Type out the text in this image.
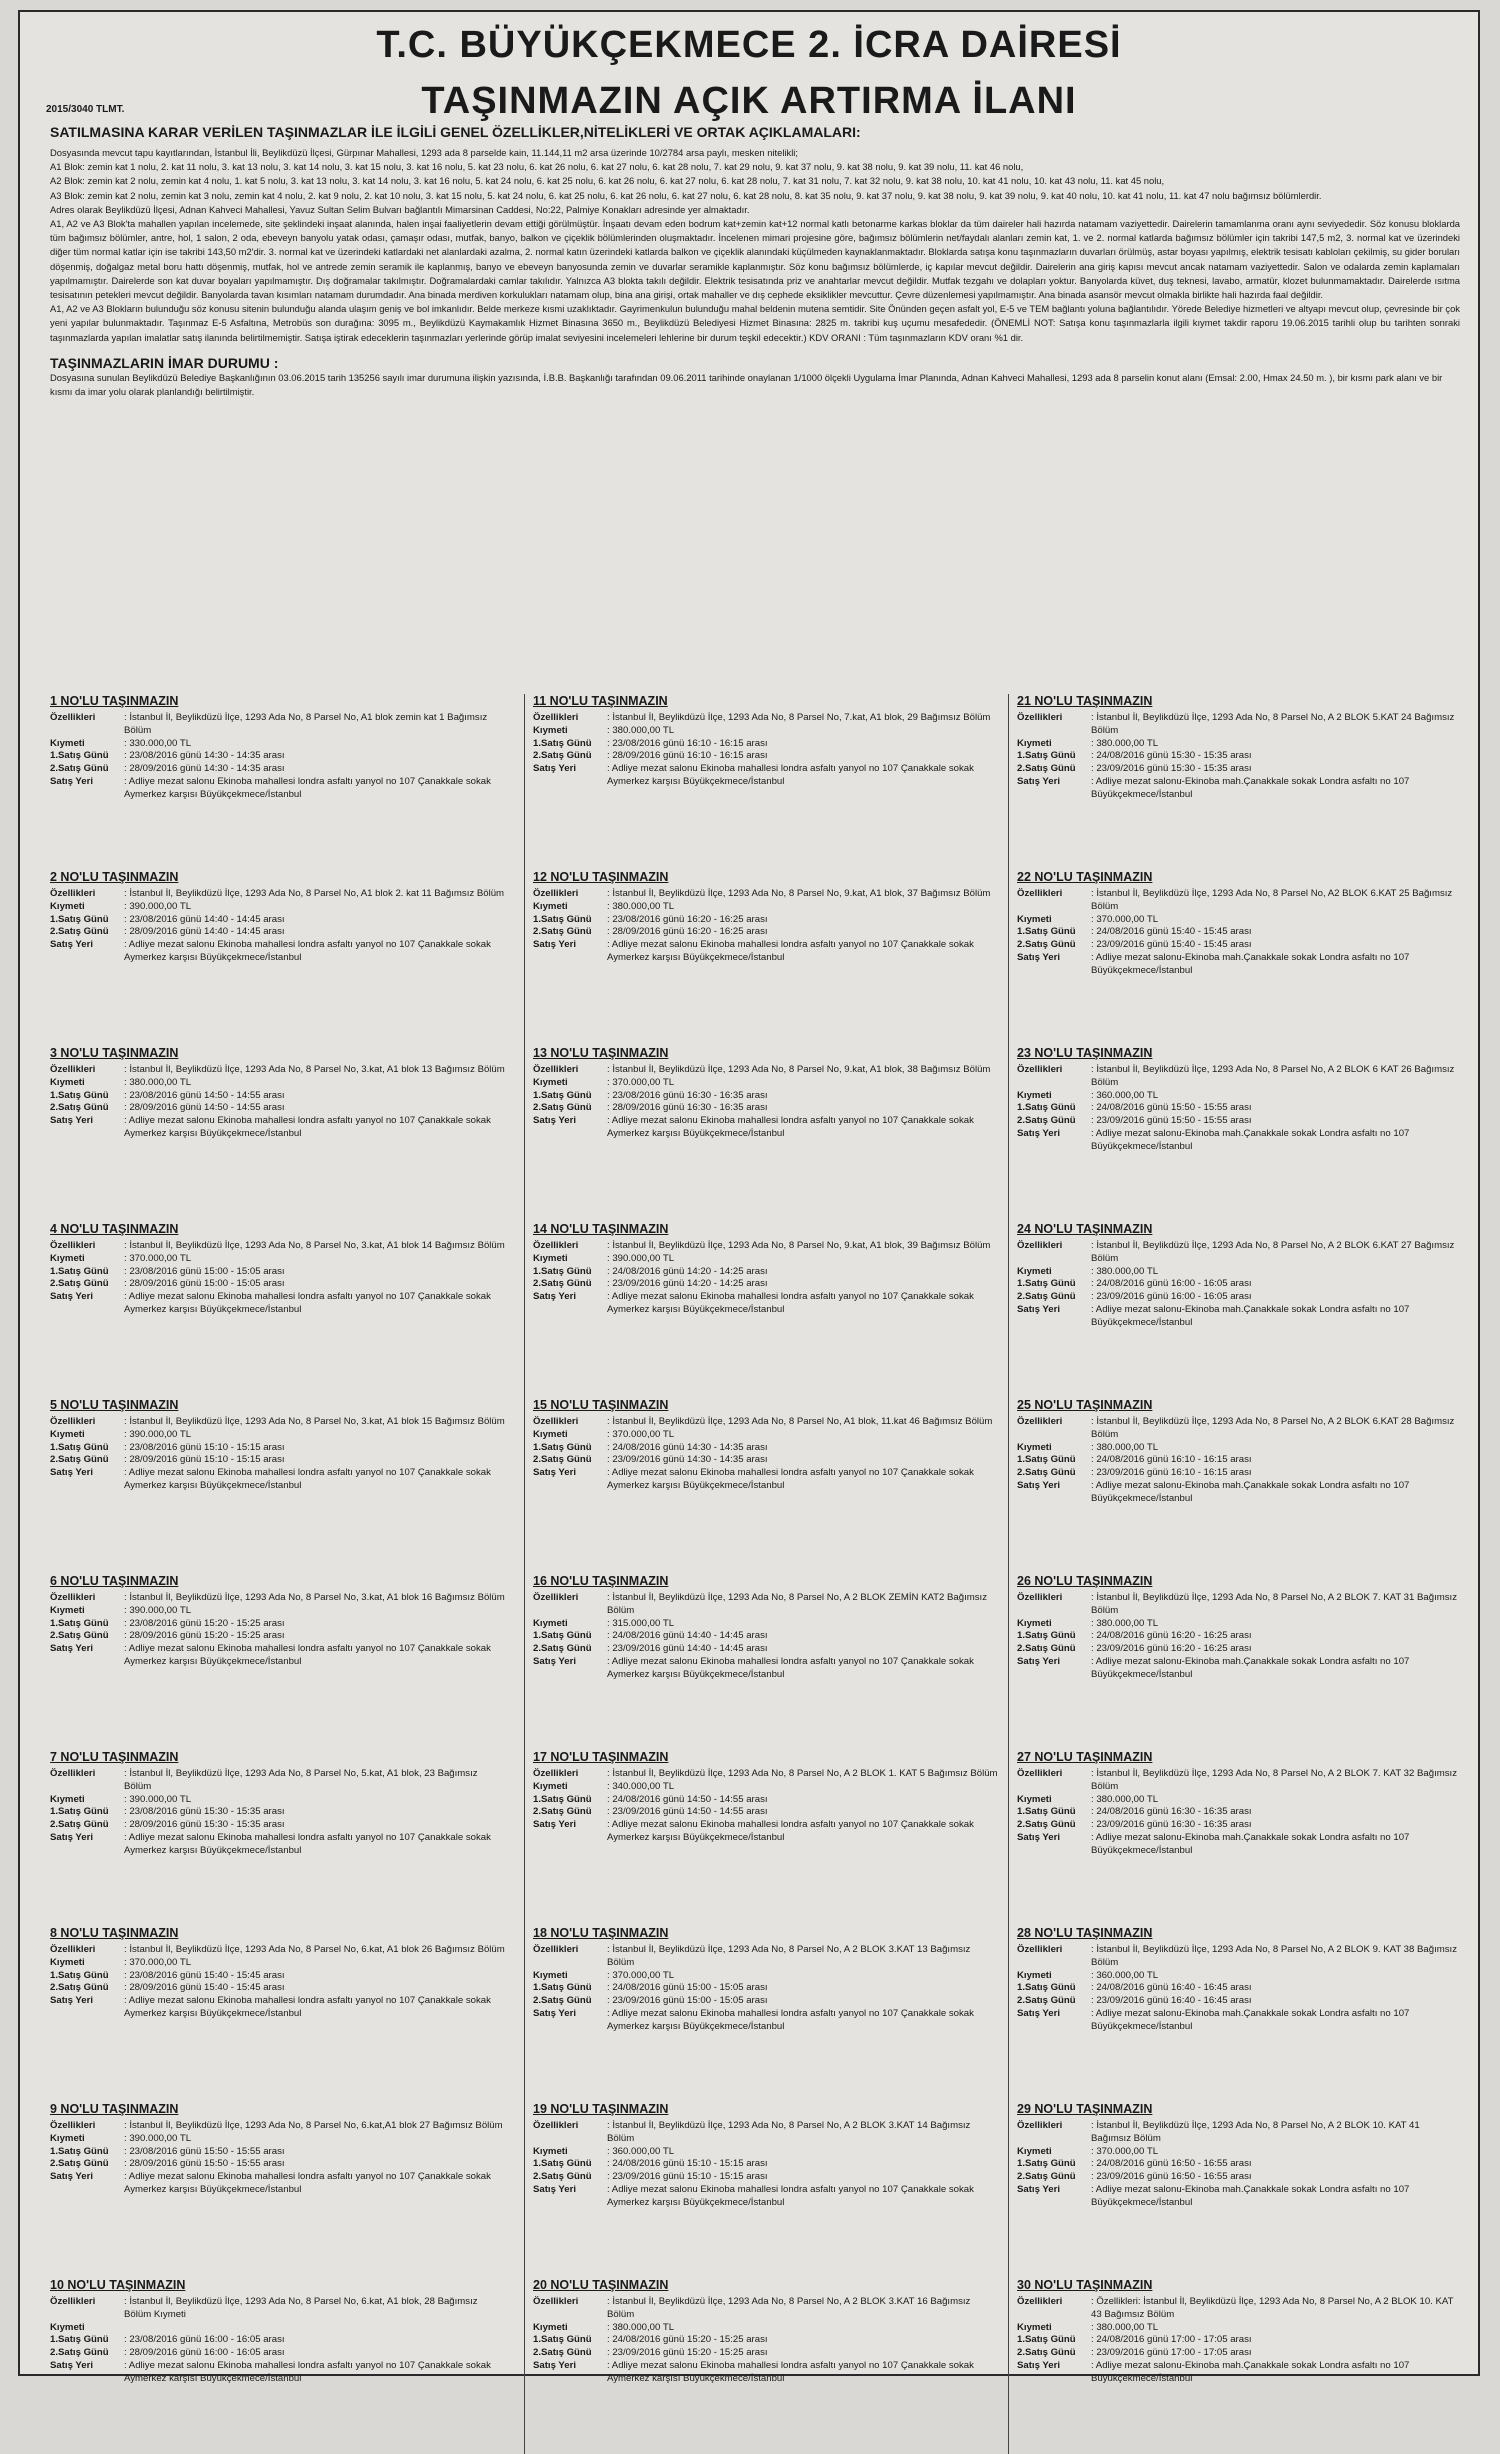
T.C. BÜYÜKÇEKMECE 2. İCRA DAİRESİ
TAŞINMAZIN AÇIK ARTIRMA İLANI
2015/3040 TLMT.
SATILMASINA KARAR VERİLEN TAŞINMAZLAR İLE İLGİLİ GENEL ÖZELLİKLER,NİTELİKLERİ VE ORTAK AÇIKLAMALARI:

Dosyasında mevcut tapu kayıtlarından, İstanbul İli, Beylikdüzü İlçesi, Gürpınar Mahallesi, 1293 ada 8 parselde kain, 11.144,11 m2 arsa üzerinde 10/2784 arsa paylı, mesken nitelikli;

A1 Blok: zemin kat 1 nolu, 2. kat 11 nolu, 3. kat 13 nolu, 3. kat 14 nolu, 3. kat 15 nolu, 3. kat 16 nolu, 5. kat 23 nolu, 6. kat 26 nolu, 6. kat 27 nolu, 6. kat 28 nolu, 7. kat 29 nolu, 9. kat 37 nolu, 9. kat 38 nolu, 9. kat 39 nolu, 11. kat 46 nolu,

A2 Blok: zemin kat 2 nolu, zemin kat 4 nolu, 1. kat 5 nolu, 3. kat 13 nolu, 3. kat 14 nolu, 3. kat 16 nolu, 5. kat 24 nolu, 6. kat 25 nolu, 6. kat 26 nolu, 6. kat 27 nolu, 6. kat 28 nolu, 7. kat 31 nolu, 7. kat 32 nolu, 9. kat 38 nolu, 10. kat 41 nolu, 10. kat 43 nolu, 11. kat 45 nolu,

A3 Blok: zemin kat 2 nolu, zemin kat 3 nolu, zemin kat 4 nolu, 2. kat 9 nolu, 2. kat 10 nolu, 3. kat 15 nolu, 5. kat 24 nolu, 6. kat 25 nolu, 6. kat 26 nolu, 6. kat 27 nolu, 6. kat 28 nolu, 8. kat 35 nolu, 9. kat 37 nolu, 9. kat 38 nolu, 9. kat 39 nolu, 9. kat 40 nolu, 10. kat 41 nolu, 11. kat 47 nolu bağımsız bölümlerdir.

Adres olarak Beylikdüzü İlçesi, Adnan Kahveci Mahallesi, Yavuz Sultan Selim Bulvarı bağlantılı Mimarsinan Caddesi, No:22, Palmiye Konakları adresinde yer almaktadır.

A1, A2 ve A3 Blok'ta mahallen yapılan incelemede, site şeklindeki inşaat alanında, halen inşai faaliyetlerin devam ettiği görülmüştür. İnşaatı devam eden bodrum kat+zemin kat+12 normal katlı betonarme karkas bloklar da tüm daireler hali hazırda natamam vaziyettedir. Dairelerin tamamlanma oranı aynı seviyededir. Söz konusu bloklarda tüm bağımsız bölümler, antre, hol, 1 salon, 2 oda, ebeveyn banyolu yatak odası, çamaşır odası, mutfak, banyo, balkon ve çiçeklik bölümlerinden oluşmaktadır. İncelenen mimari projesine göre, bağımsız bölümlerin net/faydalı alanları zemin kat, 1. ve 2. normal katlarda bağımsız bölümler için takribi 147,5 m2, 3. normal kat ve üzerindeki diğer tüm normal katlar için ise takribi 143,50 m2'dir. 3. normal kat ve üzerindeki katlardaki net alanlardaki azalma, 2. normal katın üzerindeki katlarda balkon ve çiçeklik alanındaki küçülmeden kaynaklanmaktadır. Bloklarda satışa konu taşınmazların duvarları örülmüş, astar boyası yapılmış, elektrik tesisatı kabloları çekilmiş, su gider boruları döşenmiş, doğalgaz metal boru hattı döşenmiş, mutfak, hol ve antrede zemin seramik ile kaplanmış, banyo ve ebeveyn banyosunda zemin ve duvarlar seramikle kaplanmıştır. Söz konu bağımsız bölümlerde, iç kapılar mevcut değildir. Dairelerin ana giriş kapısı mevcut ancak natamam vaziyettedir. Salon ve odalarda zemin kaplamaları yapılmamıştır. Dairelerde son kat duvar boyaları yapılmamıştır. Dış doğramalar takılmıştır. Doğramalardaki camlar takılıdır. Yalnızca A3 blokta takılı değildir. Elektrik tesisatında priz ve anahtarlar mevcut değildir. Mutfak tezgahı ve dolapları yoktur. Banyolarda küvet, duş teknesi, lavabo, armatür, klozet bulunmamaktadır. Dairelerde ısıtma tesisatının petekleri mevcut değildir. Banyolarda tavan kısımları natamam durumdadır. Ana binada merdiven korkulukları natamam olup, bina ana girişi, ortak mahaller ve dış cephede eksiklikler mevcuttur. Çevre düzenlemesi yapılmamıştır. Ana binada asansör mevcut olmakla birlikte hali hazırda faal değildir.

A1, A2 ve A3 Blokların bulunduğu söz konusu sitenin bulunduğu alanda ulaşım geniş ve bol imkanlıdır. Belde merkeze kısmi uzaklıktadır. Gayrimenkulun bulunduğu mahal beldenin mutena semtidir. Site Önünden geçen asfalt yol, E-5 ve TEM bağlantı yoluna bağlantılıdır. Yörede Belediye hizmetleri ve altyapı mevcut olup, çevresinde bir çok yeni yapılar bulunmaktadır. Taşınmaz E-5 Asfaltına, Metrobüs son durağına: 3095 m., Beylikdüzü Kaymakamlık Hizmet Binasına 3650 m., Beylikdüzü Belediyesi Hizmet Binasına: 2825 m. takribi kuş uçumu mesafededir. (ÖNEMLİ NOT: Satışa konu taşınmazlarla ilgili kıymet takdir raporu 19.06.2015 tarihli olup bu tarihten sonraki taşınmazlarda yapılan imalatlar satış ilanında belirtilmemiştir. Satışa iştirak edeceklerin taşınmazları yerlerinde görüp imalat seviyesini incelemeleri lehlerine bir durum teşkil edecektir.) KDV ORANI : Tüm taşınmazların KDV oranı %1 dir.

TAŞINMAZLARIN İMAR DURUMU :
Dosyasına sunulan Beylikdüzü Belediye Başkanlığının 03.06.2015 tarih 135256 sayılı imar durumuna ilişkin yazısında, İ.B.B. Başkanlığı tarafından 09.06.2011 tarihinde onaylanan 1/1000 ölçekli Uygulama İmar Planında, Adnan Kahveci Mahallesi, 1293 ada 8 parselin konut alanı (Emsal: 2.00, Hmax 24.50 m. ), bir kısmı park alanı ve bir kısmı da imar yolu olarak planlandığı belirtilmiştir.
1 NO'LU TAŞINMAZIN
Özellikleri	: İstanbul İl, Beylikdüzü İlçe, 1293 Ada No, 8 Parsel No, A1 blok zemin kat 1 Bağımsız Bölüm
Kıymeti	: 330.000,00 TL
1.Satış Günü	: 23/08/2016 günü 14:30 - 14:35 arası
2.Satış Günü	: 28/09/2016 günü 14:30 - 14:35 arası
Satış Yeri	: Adliye mezat salonu Ekinoba mahallesi londra asfaltı yanyol no 107 Çanakkale sokak Aymerkez karşısı Büyükçekmece/İstanbul
2 NO'LU TAŞINMAZIN
Özellikleri	: İstanbul İl, Beylikdüzü İlçe, 1293 Ada No, 8 Parsel No, A1 blok 2. kat 11 Bağımsız Bölüm
Kıymeti	: 390.000,00 TL
1.Satış Günü	: 23/08/2016 günü 14:40 - 14:45 arası
2.Satış Günü	: 28/09/2016 günü 14:40 - 14:45 arası
Satış Yeri	: Adliye mezat salonu Ekinoba mahallesi londra asfaltı yanyol no 107 Çanakkale sokak Aymerkez karşısı Büyükçekmece/İstanbul
3 NO'LU TAŞINMAZIN
Özellikleri	: İstanbul İl, Beylikdüzü İlçe, 1293 Ada No, 8 Parsel No, 3.kat, A1 blok 13 Bağımsız Bölüm
Kıymeti	: 380.000,00 TL
1.Satış Günü	: 23/08/2016 günü 14:50 - 14:55 arası
2.Satış Günü	: 28/09/2016 günü 14:50 - 14:55 arası
Satış Yeri	: Adliye mezat salonu Ekinoba mahallesi londra asfaltı yanyol no 107 Çanakkale sokak Aymerkez karşısı Büyükçekmece/İstanbul
4 NO'LU TAŞINMAZIN
Özellikleri	: İstanbul İl, Beylikdüzü İlçe, 1293 Ada No, 8 Parsel No, 3.kat, A1 blok 14 Bağımsız Bölüm
Kıymeti	: 370.000,00 TL
1.Satış Günü	: 23/08/2016 günü 15:00 - 15:05 arası
2.Satış Günü	: 28/09/2016 günü 15:00 - 15:05 arası
Satış Yeri	: Adliye mezat salonu Ekinoba mahallesi londra asfaltı yanyol no 107 Çanakkale sokak Aymerkez karşısı Büyükçekmece/İstanbul
5 NO'LU TAŞINMAZIN
Özellikleri	: İstanbul İl, Beylikdüzü İlçe, 1293 Ada No, 8 Parsel No, 3.kat, A1 blok 15 Bağımsız Bölüm
Kıymeti	: 390.000,00 TL
1.Satış Günü	: 23/08/2016 günü 15:10 - 15:15 arası
2.Satış Günü	: 28/09/2016 günü 15:10 - 15:15 arası
Satış Yeri	: Adliye mezat salonu Ekinoba mahallesi londra asfaltı yanyol no 107 Çanakkale sokak Aymerkez karşısı Büyükçekmece/İstanbul
6 NO'LU TAŞINMAZIN
Özellikleri	: İstanbul İl, Beylikdüzü İlçe, 1293 Ada No, 8 Parsel No, 3.kat, A1 blok 16 Bağımsız Bölüm
Kıymeti	: 390.000,00 TL
1.Satış Günü	: 23/08/2016 günü 15:20 - 15:25 arası
2.Satış Günü	: 28/09/2016 günü 15:20 - 15:25 arası
Satış Yeri	: Adliye mezat salonu Ekinoba mahallesi londra asfaltı yanyol no 107 Çanakkale sokak Aymerkez karşısı Büyükçekmece/İstanbul
7 NO'LU TAŞINMAZIN
Özellikleri	: İstanbul İl, Beylikdüzü İlçe, 1293 Ada No, 8 Parsel No, 5.kat, A1 blok, 23 Bağımsız Bölüm
Kıymeti	: 390.000,00 TL
1.Satış Günü	: 23/08/2016 günü 15:30 - 15:35 arası
2.Satış Günü	: 28/09/2016 günü 15:30 - 15:35 arası
Satış Yeri	: Adliye mezat salonu Ekinoba mahallesi londra asfaltı yanyol no 107 Çanakkale sokak Aymerkez karşısı Büyükçekmece/İstanbul
8 NO'LU TAŞINMAZIN
Özellikleri	: İstanbul İl, Beylikdüzü İlçe, 1293 Ada No, 8 Parsel No, 6.kat, A1 blok 26 Bağımsız Bölüm
Kıymeti	: 370.000,00 TL
1.Satış Günü	: 23/08/2016 günü 15:40 - 15:45 arası
2.Satış Günü	: 28/09/2016 günü 15:40 - 15:45 arası
Satış Yeri	: Adliye mezat salonu Ekinoba mahallesi londra asfaltı yanyol no 107 Çanakkale sokak Aymerkez karşısı Büyükçekmece/İstanbul
9 NO'LU TAŞINMAZIN
Özellikleri	: İstanbul İl, Beylikdüzü İlçe, 1293 Ada No, 8 Parsel No, 6.kat,A1 blok 27 Bağımsız Bölüm
Kıymeti	: 390.000,00 TL
1.Satış Günü	: 23/08/2016 günü 15:50 - 15:55 arası
2.Satış Günü	: 28/09/2016 günü 15:50 - 15:55 arası
Satış Yeri	: Adliye mezat salonu Ekinoba mahallesi londra asfaltı yanyol no 107 Çanakkale sokak Aymerkez karşısı Büyükçekmece/İstanbul
10 NO'LU TAŞINMAZIN
Özellikleri	: İstanbul İl, Beylikdüzü İlçe, 1293 Ada No, 8 Parsel No, 6.kat, A1 blok, 28 Bağımsız Bölüm Kıymeti
Kıymeti
1.Satış Günü	: 23/08/2016 günü 16:00 - 16:05 arası
2.Satış Günü	: 28/09/2016 günü 16:00 - 16:05 arası
Satış Yeri	: Adliye mezat salonu Ekinoba mahallesi londra asfaltı yanyol no 107 Çanakkale sokak Aymerkez karşısı Büyükçekmece/İstanbul
11 NO'LU TAŞINMAZIN
Özellikleri	: İstanbul İl, Beylikdüzü İlçe, 1293 Ada No, 8 Parsel No, 7.kat, A1 blok, 29 Bağımsız Bölüm
Kıymeti	: 380.000,00 TL
1.Satış Günü	: 23/08/2016 günü 16:10 - 16:15 arası
2.Satış Günü	: 28/09/2016 günü 16:10 - 16:15 arası
Satış Yeri	: Adliye mezat salonu Ekinoba mahallesi londra asfaltı yanyol no 107 Çanakkale sokak Aymerkez karşısı Büyükçekmece/İstanbul
12 NO'LU TAŞINMAZIN
Özellikleri	: İstanbul İl, Beylikdüzü İlçe, 1293 Ada No, 8 Parsel No, 9.kat, A1 blok, 37 Bağımsız Bölüm
Kıymeti	: 380.000,00 TL
1.Satış Günü	: 23/08/2016 günü 16:20 - 16:25 arası
2.Satış Günü	: 28/09/2016 günü 16:20 - 16:25 arası
Satış Yeri	: Adliye mezat salonu Ekinoba mahallesi londra asfaltı yanyol no 107 Çanakkale sokak Aymerkez karşısı Büyükçekmece/İstanbul
13 NO'LU TAŞINMAZIN
Özellikleri	: İstanbul İl, Beylikdüzü İlçe, 1293 Ada No, 8 Parsel No, 9.kat, A1 blok, 38 Bağımsız Bölüm
Kıymeti	: 370.000,00 TL
1.Satış Günü	: 23/08/2016 günü 16:30 - 16:35 arası
2.Satış Günü	: 28/09/2016 günü 16:30 - 16:35 arası
Satış Yeri	: Adliye mezat salonu Ekinoba mahallesi londra asfaltı yanyol no 107 Çanakkale sokak Aymerkez karşısı Büyükçekmece/İstanbul
14 NO'LU TAŞINMAZIN
Özellikleri	: İstanbul İl, Beylikdüzü İlçe, 1293 Ada No, 8 Parsel No, 9.kat, A1 blok, 39 Bağımsız Bölüm
Kıymeti	: 390.000,00 TL
1.Satış Günü	: 24/08/2016 günü 14:20 - 14:25 arası
2.Satış Günü	: 23/09/2016 günü 14:20 - 14:25 arası
Satış Yeri	: Adliye mezat salonu Ekinoba mahallesi londra asfaltı yanyol no 107 Çanakkale sokak Aymerkez karşısı Büyükçekmece/İstanbul
15 NO'LU TAŞINMAZIN
Özellikleri	: İstanbul İl, Beylikdüzü İlçe, 1293 Ada No, 8 Parsel No, A1 blok, 11.kat 46 Bağımsız Bölüm
Kıymeti	: 370.000,00 TL
1.Satış Günü	: 24/08/2016 günü 14:30 - 14:35 arası
2.Satış Günü	: 23/09/2016 günü 14:30 - 14:35 arası
Satış Yeri	: Adliye mezat salonu Ekinoba mahallesi londra asfaltı yanyol no 107 Çanakkale sokak Aymerkez karşısı Büyükçekmece/İstanbul
16 NO'LU TAŞINMAZIN
Özellikleri	: İstanbul İl, Beylikdüzü İlçe, 1293 Ada No, 8 Parsel No, A 2 BLOK ZEMİN KAT2 Bağımsız Bölüm
Kıymeti	: 315.000,00 TL
1.Satış Günü	: 24/08/2016 günü 14:40 - 14:45 arası
2.Satış Günü	: 23/09/2016 günü 14:40 - 14:45 arası
Satış Yeri	: Adliye mezat salonu Ekinoba mahallesi londra asfaltı yanyol no 107 Çanakkale sokak Aymerkez karşısı Büyükçekmece/İstanbul
17 NO'LU TAŞINMAZIN
Özellikleri	: İstanbul İl, Beylikdüzü İlçe, 1293 Ada No, 8 Parsel No, A 2 BLOK 1. KAT 5 Bağımsız Bölüm
Kıymeti	: 340.000,00 TL
1.Satış Günü	: 24/08/2016 günü 14:50 - 14:55 arası
2.Satış Günü	: 23/09/2016 günü 14:50 - 14:55 arası
Satış Yeri	: Adliye mezat salonu Ekinoba mahallesi londra asfaltı yanyol no 107 Çanakkale sokak Aymerkez karşısı Büyükçekmece/İstanbul
18 NO'LU TAŞINMAZIN
Özellikleri	: İstanbul İl, Beylikdüzü İlçe, 1293 Ada No, 8 Parsel No, A 2 BLOK 3.KAT 13 Bağımsız Bölüm
Kıymeti	: 370.000,00 TL
1.Satış Günü	: 24/08/2016 günü 15:00 - 15:05 arası
2.Satış Günü	: 23/09/2016 günü 15:00 - 15:05 arası
Satış Yeri	: Adliye mezat salonu Ekinoba mahallesi londra asfaltı yanyol no 107 Çanakkale sokak Aymerkez karşısı Büyükçekmece/İstanbul
19 NO'LU TAŞINMAZIN
Özellikleri	: İstanbul İl, Beylikdüzü İlçe, 1293 Ada No, 8 Parsel No, A 2 BLOK 3.KAT 14 Bağımsız Bölüm
Kıymeti	: 360.000,00 TL
1.Satış Günü	: 24/08/2016 günü 15:10 - 15:15 arası
2.Satış Günü	: 23/09/2016 günü 15:10 - 15:15 arası
Satış Yeri	: Adliye mezat salonu Ekinoba mahallesi londra asfaltı yanyol no 107 Çanakkale sokak Aymerkez karşısı Büyükçekmece/İstanbul
20 NO'LU TAŞINMAZIN
Özellikleri	: İstanbul İl, Beylikdüzü İlçe, 1293 Ada No, 8 Parsel No, A 2 BLOK 3.KAT 16 Bağımsız Bölüm
Kıymeti	: 380.000,00 TL
1.Satış Günü	: 24/08/2016 günü 15:20 - 15:25 arası
2.Satış Günü	: 23/09/2016 günü 15:20 - 15:25 arası
Satış Yeri	: Adliye mezat salonu Ekinoba mahallesi londra asfaltı yanyol no 107 Çanakkale sokak Aymerkez karşısı Büyükçekmece/İstanbul
21 NO'LU TAŞINMAZIN
Özellikleri	: İstanbul İl, Beylikdüzü İlçe, 1293 Ada No, 8 Parsel No, A 2 BLOK 5.KAT 24 Bağımsız Bölüm
Kıymeti	: 380.000,00 TL
1.Satış Günü	: 24/08/2016 günü 15:30 - 15:35 arası
2.Satış Günü	: 23/09/2016 günü 15:30 - 15:35 arası
Satış Yeri	: Adliye mezat salonu-Ekinoba mah.Çanakkale sokak Londra asfaltı no 107 Büyükçekmece/İstanbul
22 NO'LU TAŞINMAZIN
Özellikleri	: İstanbul İl, Beylikdüzü İlçe, 1293 Ada No, 8 Parsel No, A2 BLOK 6.KAT 25 Bağımsız Bölüm
Kıymeti	: 370.000,00 TL
1.Satış Günü	: 24/08/2016 günü 15:40 - 15:45 arası
2.Satış Günü	: 23/09/2016 günü 15:40 - 15:45 arası
Satış Yeri	: Adliye mezat salonu-Ekinoba mah.Çanakkale sokak Londra asfaltı no 107 Büyükçekmece/İstanbul
23 NO'LU TAŞINMAZIN
Özellikleri	: İstanbul İl, Beylikdüzü İlçe, 1293 Ada No, 8 Parsel No, A 2 BLOK 6 KAT 26 Bağımsız Bölüm
Kıymeti	: 360.000,00 TL
1.Satış Günü	: 24/08/2016 günü 15:50 - 15:55 arası
2.Satış Günü	: 23/09/2016 günü 15:50 - 15:55 arası
Satış Yeri	: Adliye mezat salonu-Ekinoba mah.Çanakkale sokak Londra asfaltı no 107 Büyükçekmece/İstanbul
24 NO'LU TAŞINMAZIN
Özellikleri	: İstanbul İl, Beylikdüzü İlçe, 1293 Ada No, 8 Parsel No, A 2 BLOK 6.KAT 27 Bağımsız Bölüm
Kıymeti	: 380.000,00 TL
1.Satış Günü	: 24/08/2016 günü 16:00 - 16:05 arası
2.Satış Günü	: 23/09/2016 günü 16:00 - 16:05 arası
Satış Yeri	: Adliye mezat salonu-Ekinoba mah.Çanakkale sokak Londra asfaltı no 107 Büyükçekmece/İstanbul
25 NO'LU TAŞINMAZIN
Özellikleri	: İstanbul İl, Beylikdüzü İlçe, 1293 Ada No, 8 Parsel No, A 2 BLOK 6.KAT 28 Bağımsız Bölüm
Kıymeti	: 380.000,00 TL
1.Satış Günü	: 24/08/2016 günü 16:10 - 16:15 arası
2.Satış Günü	: 23/09/2016 günü 16:10 - 16:15 arası
Satış Yeri	: Adliye mezat salonu-Ekinoba mah.Çanakkale sokak Londra asfaltı no 107 Büyükçekmece/İstanbul
26 NO'LU TAŞINMAZIN
Özellikleri	: İstanbul İl, Beylikdüzü İlçe, 1293 Ada No, 8 Parsel No, A 2 BLOK 7. KAT 31 Bağımsız Bölüm
Kıymeti	: 380.000,00 TL
1.Satış Günü	: 24/08/2016 günü 16:20 - 16:25 arası
2.Satış Günü	: 23/09/2016 günü 16:20 - 16:25 arası
Satış Yeri	: Adliye mezat salonu-Ekinoba mah.Çanakkale sokak Londra asfaltı no 107 Büyükçekmece/İstanbul
27 NO'LU TAŞINMAZIN
Özellikleri	: İstanbul İl, Beylikdüzü İlçe, 1293 Ada No, 8 Parsel No, A 2 BLOK 7. KAT 32 Bağımsız Bölüm
Kıymeti	: 380.000,00 TL
1.Satış Günü	: 24/08/2016 günü 16:30 - 16:35 arası
2.Satış Günü	: 23/09/2016 günü 16:30 - 16:35 arası
Satış Yeri	: Adliye mezat salonu-Ekinoba mah.Çanakkale sokak Londra asfaltı no 107 Büyükçekmece/İstanbul
28 NO'LU TAŞINMAZIN
Özellikleri	: İstanbul İl, Beylikdüzü İlçe, 1293 Ada No, 8 Parsel No, A 2 BLOK 9. KAT 38 Bağımsız Bölüm
Kıymeti	: 360.000,00 TL
1.Satış Günü	: 24/08/2016 günü 16:40 - 16:45 arası
2.Satış Günü	: 23/09/2016 günü 16:40 - 16:45 arası
Satış Yeri	: Adliye mezat salonu-Ekinoba mah.Çanakkale sokak Londra asfaltı no 107 Büyükçekmece/İstanbul
29 NO'LU TAŞINMAZIN
Özellikleri	: İstanbul İl, Beylikdüzü İlçe, 1293 Ada No, 8 Parsel No, A 2 BLOK 10. KAT 41 Bağımsız Bölüm
Kıymeti	: 370.000,00 TL
1.Satış Günü	: 24/08/2016 günü 16:50 - 16:55 arası
2.Satış Günü	: 23/09/2016 günü 16:50 - 16:55 arası
Satış Yeri	: Adliye mezat salonu-Ekinoba mah.Çanakkale sokak Londra asfaltı no 107 Büyükçekmece/İstanbul
30 NO'LU TAŞINMAZIN
Özellikleri	: Özellikleri: İstanbul İl, Beylikdüzü İlçe, 1293 Ada No, 8 Parsel No, A 2 BLOK 10. KAT 43 Bağımsız Bölüm
Kıymeti	: 380.000,00 TL
1.Satış Günü	: 24/08/2016 günü 17:00 - 17:05 arası
2.Satış Günü	: 23/09/2016 günü 17:00 - 17:05 arası
Satış Yeri	: Adliye mezat salonu-Ekinoba mah.Çanakkale sokak Londra asfaltı no 107 Büyükçekmece/İstanbul
